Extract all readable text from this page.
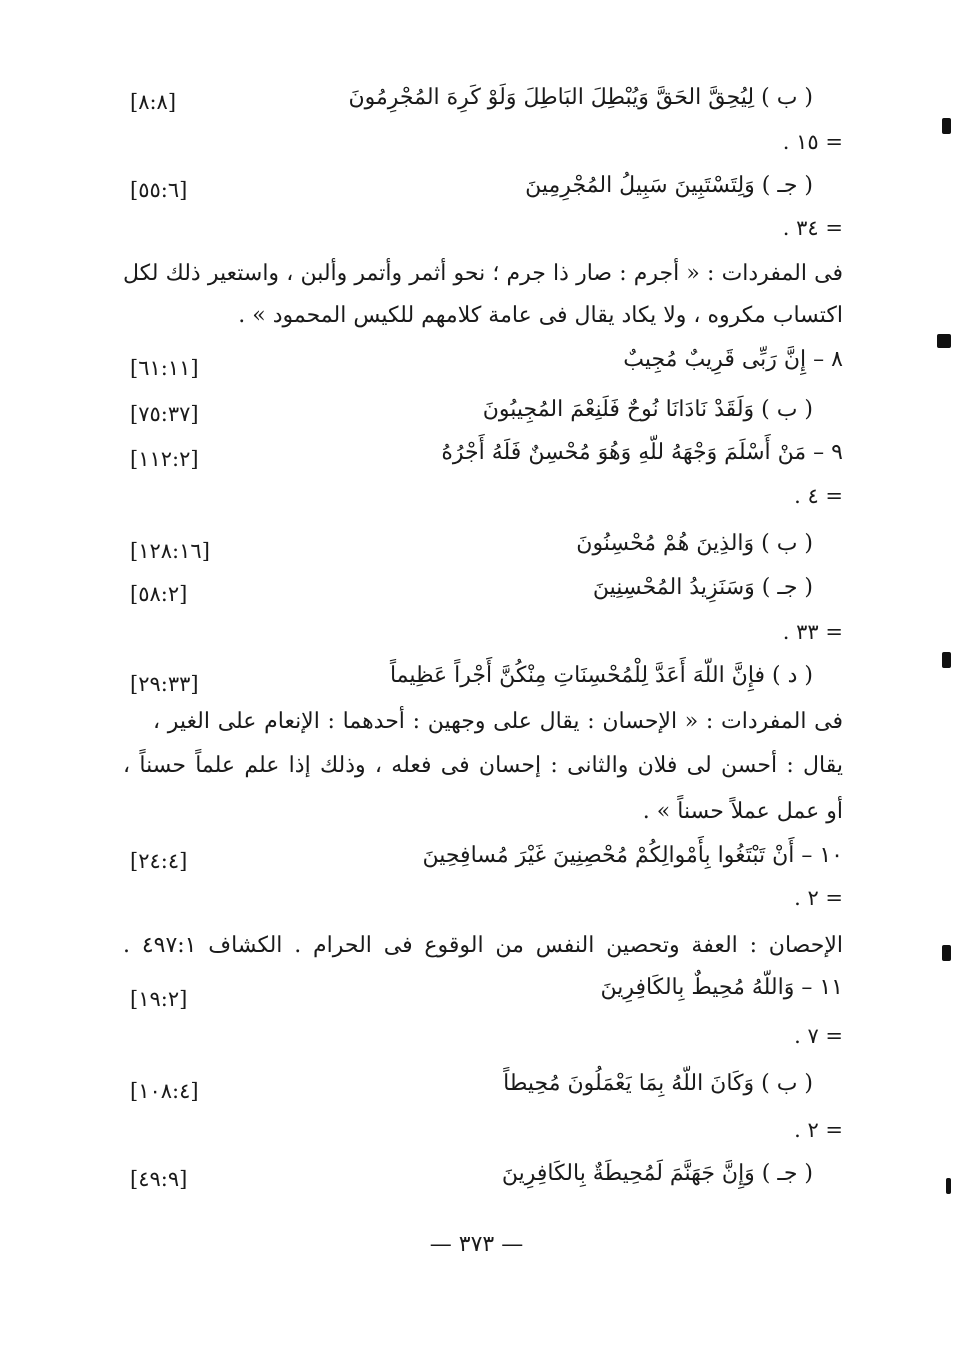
( ب ) لِيُحِقَّ الحَقَّ وَيُبْطِلَ البَاطِلَ وَلَوْ كَرِهَ المُجْرِمُونَ
[٨:٨]
= ١٥ .
( جـ ) وَلِتَسْتَبِينَ سَبِيلُ المُجْرِمِينَ
[٥٥:٦]
= ٣٤ .
فى المفردات : « أجرم : صار ذا جرم ؛ نحو أثمر وأتمر وألبن ، واستعير ذلك لكل
اكتساب مكروه ، ولا يكاد يقال فى عامة كلامهم للكيس المحمود » .
٨ – إِنَّ رَبِّى قَرِيبٌ مُجِيبٌ
[٦١:١١]
( ب ) وَلَقَدْ نَادَانَا نُوحٌ فَلَنِعْمَ المُجِيبُونَ
[٧٥:٣٧]
٩ – مَنْ أَسْلَمَ وَجْهَهُ للّهِ وَهُوَ مُحْسِنٌ فَلَهُ أَجْرُهُ
[١١٢:٢]
= ٤ .
( ب ) وَالذِينَ هُمْ مُحْسِنُونَ
[١٢٨:١٦]
( جـ ) وَسَنَزِيدُ المُحْسِنِينَ
[٥٨:٢]
= ٣٣ .
( د ) فإِنَّ اللّهَ أَعَدَّ لِلْمُحْسِنَاتِ مِنْكُنَّ أَجْراً عَظِيماً
[٢٩:٣٣]
فى المفردات : « الإحسان : يقال على وجهين : أحدهما : الإنعام على الغير ،
يقال : أحسن لى فلان والثانى : إحسان فى فعله ، وذلك إذا علم علماً حسناً ،
أو عمل عملاً حسناً » .
١٠ – أَنْ تَبْتَغُوا بِأَمْوالِكُمْ مُحْصِنِينَ غَيْرَ مُسافِحِينَ
[٢٤:٤]
= ٢ .
الإحصان : العفة وتحصين النفس من الوقوع فى الحرام . الكشاف ٤٩٧:١ .
١١ – وَاللّهُ مُحِيطٌ بِالكَافِرِينَ
[١٩:٢]
= ٧ .
( ب ) وَكَانَ اللّهُ بِمَا يَعْمَلُونَ مُحِيطاً
[١٠٨:٤]
= ٢ .
( جـ ) وَإِنَّ جَهَنَّمَ لَمُحِيطَةٌ بِالكَافِرِينَ
[٤٩:٩]
— ٣٧٣ —
